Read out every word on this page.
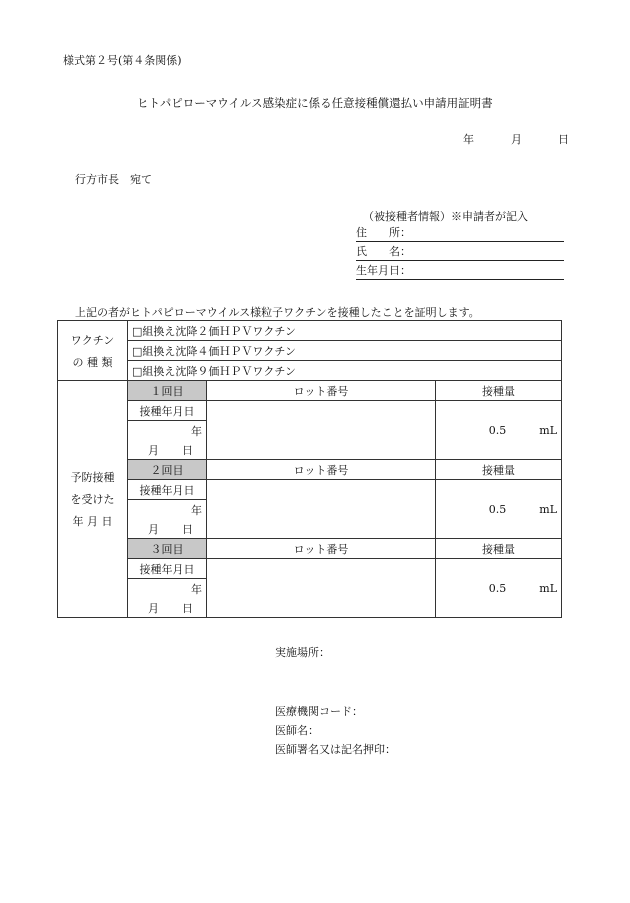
様式第２号(第４条関係)
ヒトパピローマウイルス感染症に係る任意接種償還払い申請用証明書
年	月	日
行方市長　宛て
（被接種者情報）※申請者が記入
住　　所：
氏　　名：
生年月日：
上記の者がヒトパピローマウイルス様粒子ワクチンを接種したことを証明します。
ワクチン
の 種 類	□組換え沈降２価ＨＰＶワクチン		
	□組換え沈降４価ＨＰＶワクチン		
	□組換え沈降９価ＨＰＶワクチン		

予防接種
を受けた
年 月 日	１回目	ロット番号	接種量
	接種年月日		0.5 mL
	年		
	月 日		
	２回目	ロット番号	接種量
	接種年月日		0.5 mL
	年		
	月 日		
	３回目	ロット番号	接種量
	接種年月日		0.5 mL
	年		
	月 日		
実施場所：
医療機関コード：
医師名：
医師署名又は記名押印：
